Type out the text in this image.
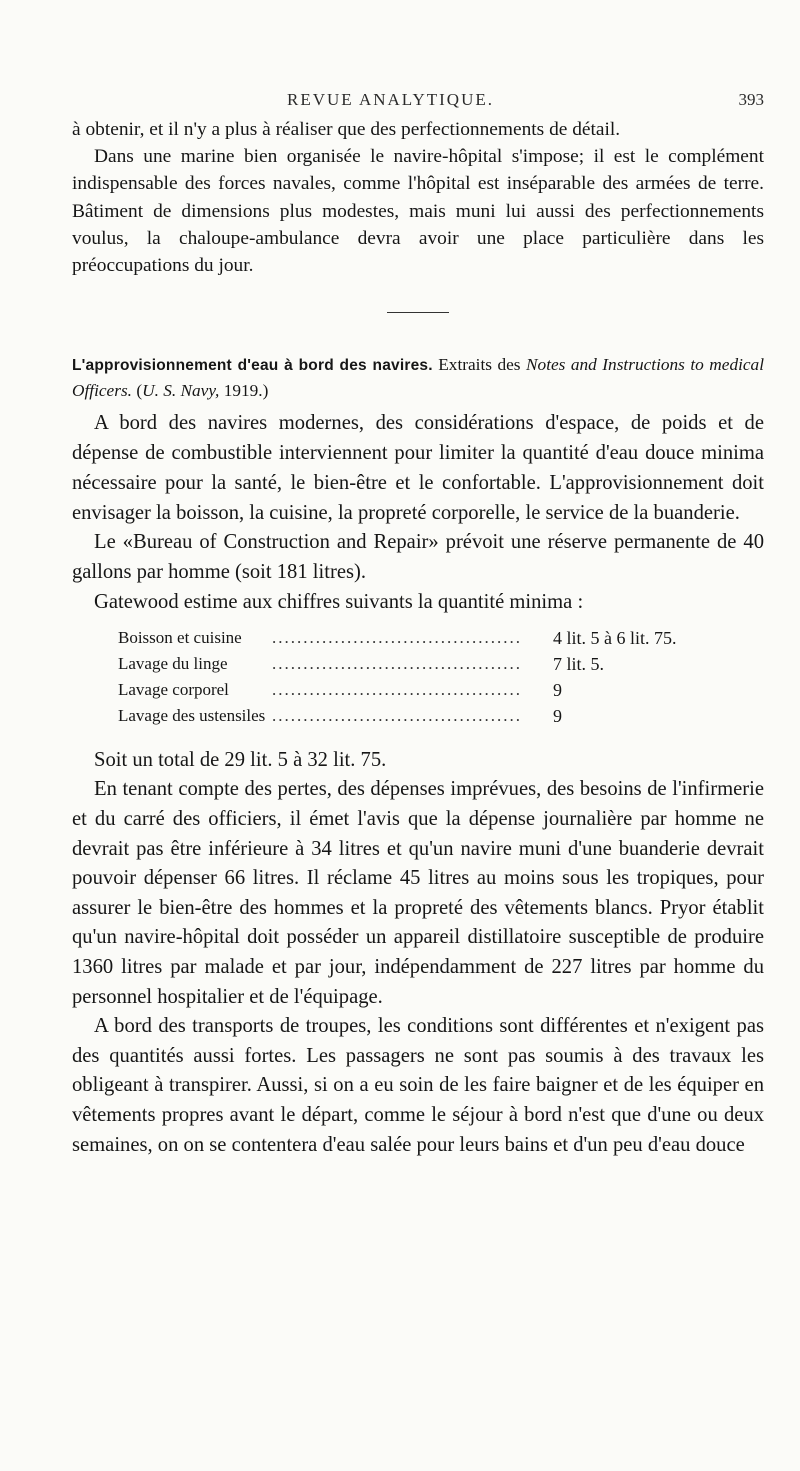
REVUE ANALYTIQUE.	393

à obtenir, et il n'y a plus à réaliser que des perfectionnements de détail.

Dans une marine bien organisée le navire-hôpital s'impose; il est le complément indispensable des forces navales, comme l'hôpital est inséparable des armées de terre. Bâtiment de dimensions plus modestes, mais muni lui aussi des perfectionnements voulus, la chaloupe-ambulance devra avoir une place particulière dans les préoccupations du jour.

L'approvisionnement d'eau à bord des navires. Extraits des Notes and Instructions to medical Officers. (U. S. Navy, 1919.)

A bord des navires modernes, des considérations d'espace, de poids et de dépense de combustible interviennent pour limiter la quantité d'eau douce minima nécessaire pour la santé, le bien-être et le confortable. L'approvisionnement doit envisager la boisson, la cuisine, la propreté corporelle, le service de la buanderie.

Le «Bureau of Construction and Repair» prévoit une réserve permanente de 40 gallons par homme (soit 181 litres).

Gatewood estime aux chiffres suivants la quantité minima :

Boisson et cuisine ........................................	4 lit. 5 à 6 lit. 75.
Lavage du linge	........................................	7 lit. 5.
Lavage corporel	........................................	9
Lavage des ustensiles ........................................	9

Soit un total de 29 lit. 5 à 32 lit. 75.

En tenant compte des pertes, des dépenses imprévues, des besoins de l'infirmerie et du carré des officiers, il émet l'avis que la dépense journalière par homme ne devrait pas être inférieure à 34 litres et qu'un navire muni d'une buanderie devrait pouvoir dépenser 66 litres. Il réclame 45 litres au moins sous les tropiques, pour assurer le bien-être des hommes et la propreté des vêtements blancs. Pryor établit qu'un navire-hôpital doit posséder un appareil distillatoire susceptible de produire 1360 litres par malade et par jour, indépendamment de 227 litres par homme du personnel hospitalier et de l'équipage.

A bord des transports de troupes, les conditions sont différentes et n'exigent pas des quantités aussi fortes. Les passagers ne sont pas soumis à des travaux les obligeant à transpirer. Aussi, si on a eu soin de les faire baigner et de les équiper en vêtements propres avant le départ, comme le séjour à bord n'est que d'une ou deux semaines, on on se contentera d'eau salée pour leurs bains et d'un peu d'eau douce
